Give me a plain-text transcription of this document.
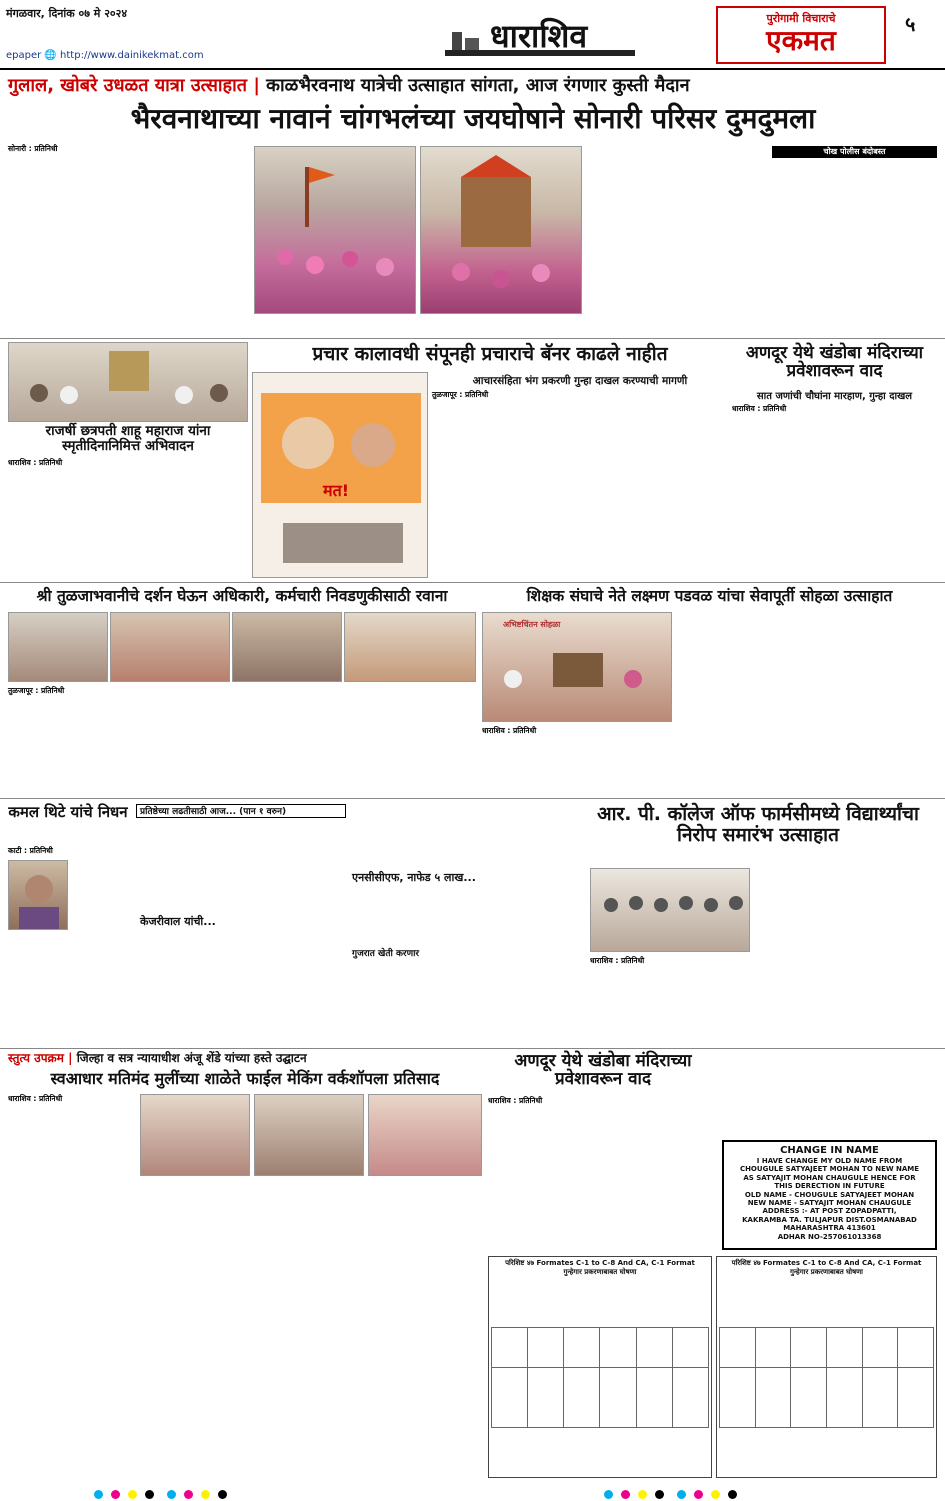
मंगळवार, दिनांक ०७ मे २०२४
epaper 🌐 http://www.dainikekmat.com
धाराशिव	पुरोगामी विचाराचे
एकमत	५
गुलाल, खोबरे उधळत यात्रा उत्साहात | काळभैरवनाथ यात्रेची उत्साहात सांगता, आज रंगणार कुस्ती मैदान
भैरवनाथाच्या नावानं चांगभलंच्या जयघोषाने सोनारी परिसर दुमदुमला
सोनारी : प्रतिनिधी	चोख पोलीस बंदोबस्त
राजर्षी छत्रपती शाहू महाराज यांना स्मृतीदिनानिमित्त अभिवादन
धाराशिव : प्रतिनिधी
प्रचार कालावधी संपूनही प्रचाराचे बॅनर काढले नाहीत
मत!
आचारसंहिता भंग प्रकरणी गुन्हा दाखल करण्याची मागणी
तुळजापूर : प्रतिनिधी
अणदूर येथे खंडोबा मंदिराच्या प्रवेशावरून वाद
सात जणांची चौघांना मारहाण, गुन्हा दाखल
धाराशिव : प्रतिनिधी
श्री तुळजाभवानीचे दर्शन घेऊन अधिकारी, कर्मचारी निवडणुकीसाठी रवाना
तुळजापूर : प्रतिनिधी
शिक्षक संघाचे नेते लक्ष्मण पडवळ यांचा सेवापूर्ती सोहळा उत्साहात
अभिष्टचिंतन सोहळा
धाराशिव : प्रतिनिधी
कमल थिटे यांचे निधन
काटी : प्रतिनिधी
प्रतिष्ठेच्या लढतीसाठी आज... (पान १ वरुन)
केजरीवाल यांची...
एनसीसीएफ, नाफेड ५ लाख...
गुजरात खेती करणार
आर. पी. कॉलेज ऑफ फार्मसीमध्ये विद्यार्थ्यांचा निरोप समारंभ उत्साहात
धाराशिव : प्रतिनिधी
स्तुत्य उपक्रम | जिल्हा व सत्र न्यायाधीश अंजू शेंडे यांच्या हस्ते उद्घाटन
स्वआधार मतिमंद मुलींच्या शाळेते फाईल मेकिंग वर्कशॉपला प्रतिसाद
धाराशिव : प्रतिनिधी
अणदूर येथे खंडोबा मंदिराच्या प्रवेशावरून वाद
धाराशिव : प्रतिनिधी
CHANGE IN NAME
I HAVE CHANGE MY OLD NAME FROM
CHOUGULE SATYAJEET MOHAN TO NEW NAME
AS SATYAJIT MOHAN CHAUGULE HENCE FOR
THIS DERECTION IN FUTURE
OLD NAME - CHOUGULE SATYAJEET MOHAN
NEW NAME - SATYAJIT MOHAN CHAUGULE
ADDRESS :- AT POST ZOPADPATTI,
KAKRAMBA TA. TULJAPUR DIST.OSMANABAD
MAHARASHTRA 413601
ADHAR NO-257061013368
परिशिष्ट ४७ Formates C-1 to C-8 And CA, C-1 Format
गुन्हेगार प्रकरणाबाबत घोषणा

परिशिष्ट ४७ Formates C-1 to C-8 And CA, C-1 Format
गुन्हेगार प्रकरणाबाबत घोषणा
